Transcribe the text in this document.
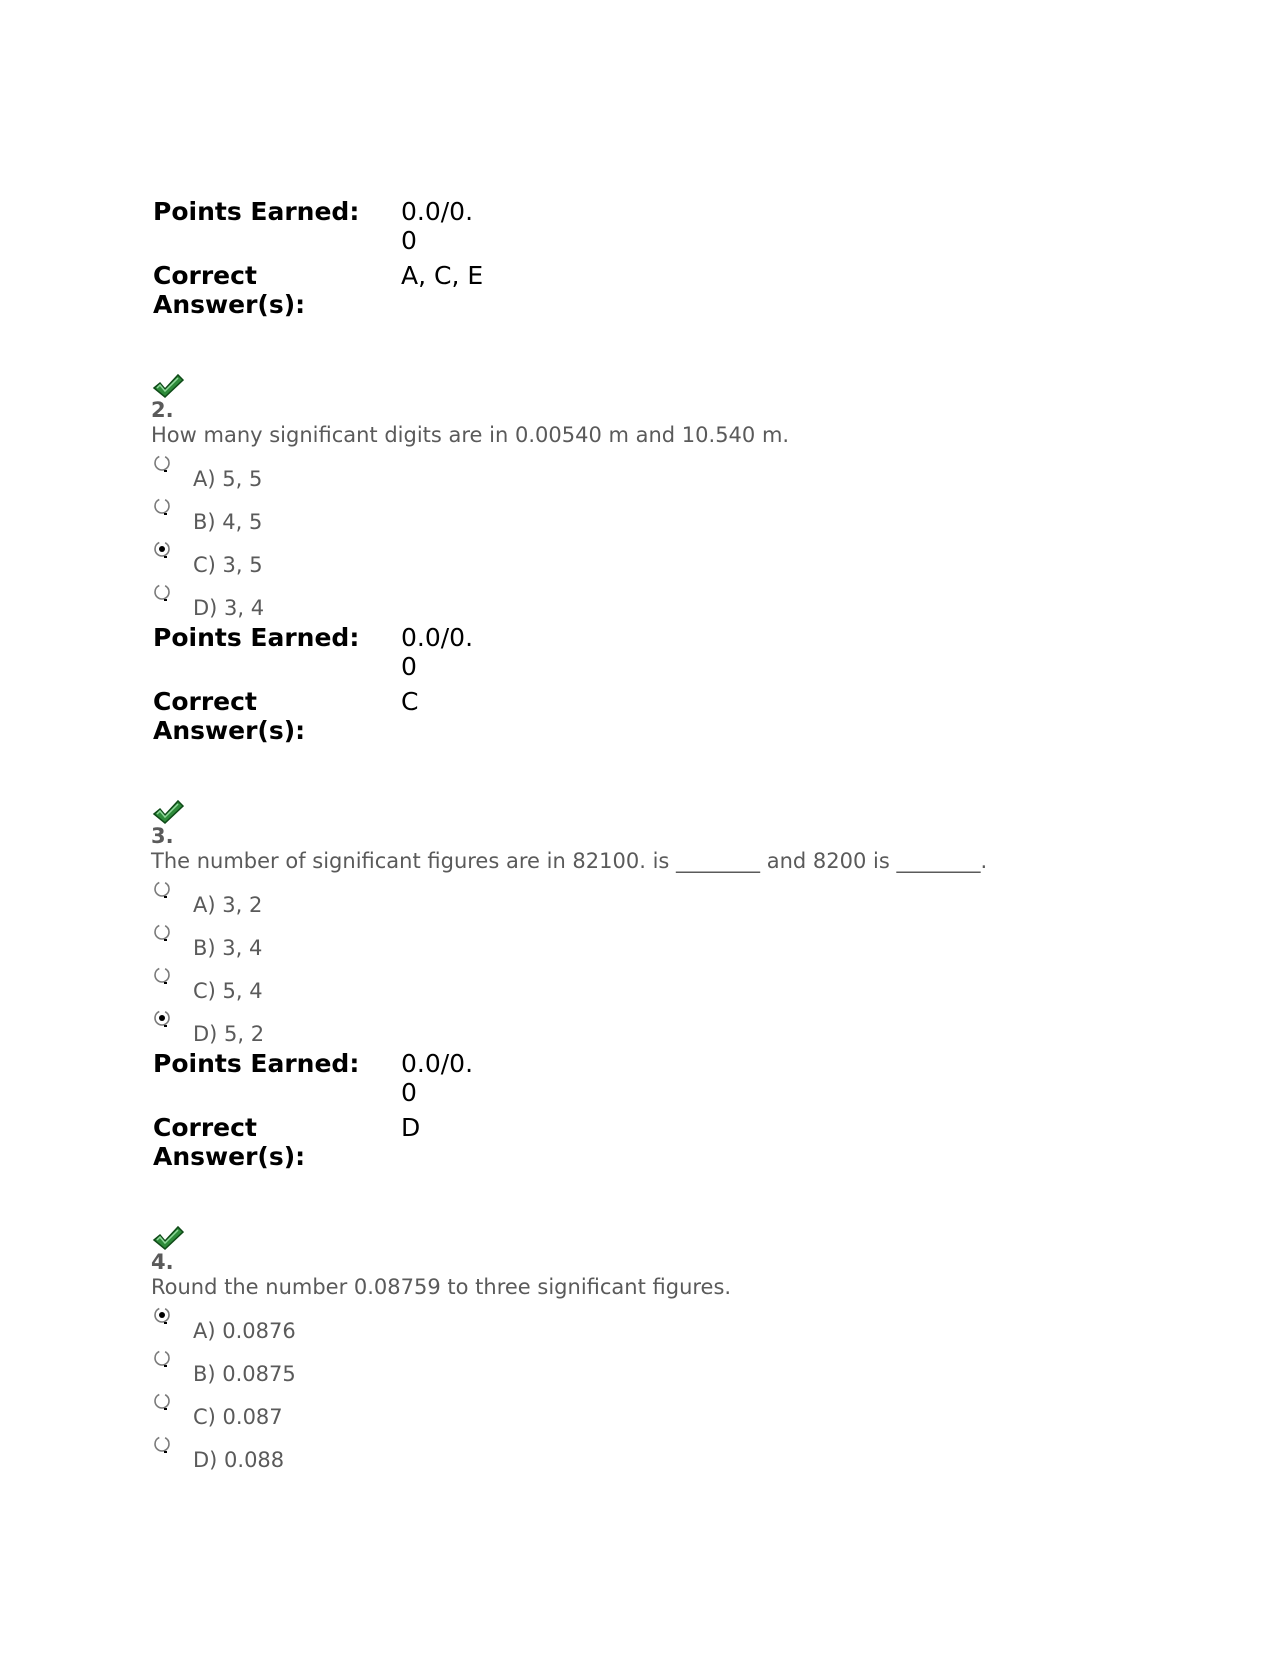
Points Earned:	0.0/0.0
Correct Answer(s):
A, C, E
2.
How many significant digits are in 0.00540 m and 10.540 m.
A) 5, 5
B) 4, 5
C) 3, 5
D) 3, 4
Points Earned:	0.0/0.0
Correct Answer(s):
C
3.
The number of significant figures are in 82100. is ________ and 8200 is ________.
A) 3, 2
B) 3, 4
C) 5, 4
D) 5, 2
Points Earned:	0.0/0.0
Correct Answer(s):
D
4.
Round the number 0.08759 to three significant figures.
A) 0.0876
B) 0.0875
C) 0.087
D) 0.088
